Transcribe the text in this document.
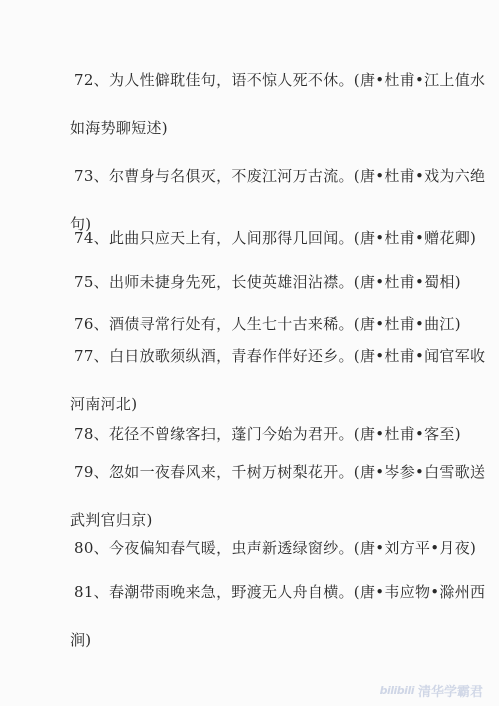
72、为人性僻耽佳句，语不惊人死不休。(唐•杜甫•江上值水
如海势聊短述)
73、尔曹身与名俱灭，不废江河万古流。(唐•杜甫•戏为六绝
句)
74、此曲只应天上有，人间那得几回闻。(唐•杜甫•赠花卿)
75、出师未捷身先死，长使英雄泪沾襟。(唐•杜甫•蜀相)
76、酒债寻常行处有，人生七十古来稀。(唐•杜甫•曲江)
77、白日放歌须纵酒，青春作伴好还乡。(唐•杜甫•闻官军收
河南河北)
78、花径不曾缘客扫，蓬门今始为君开。(唐•杜甫•客至)
79、忽如一夜春风来，千树万树梨花开。(唐•岑参•白雪歌送
武判官归京)
80、今夜偏知春气暖，虫声新透绿窗纱。(唐•刘方平•月夜)
81、春潮带雨晚来急，野渡无人舟自横。(唐•韦应物•滁州西
涧)
bilibili 清华学霸君
